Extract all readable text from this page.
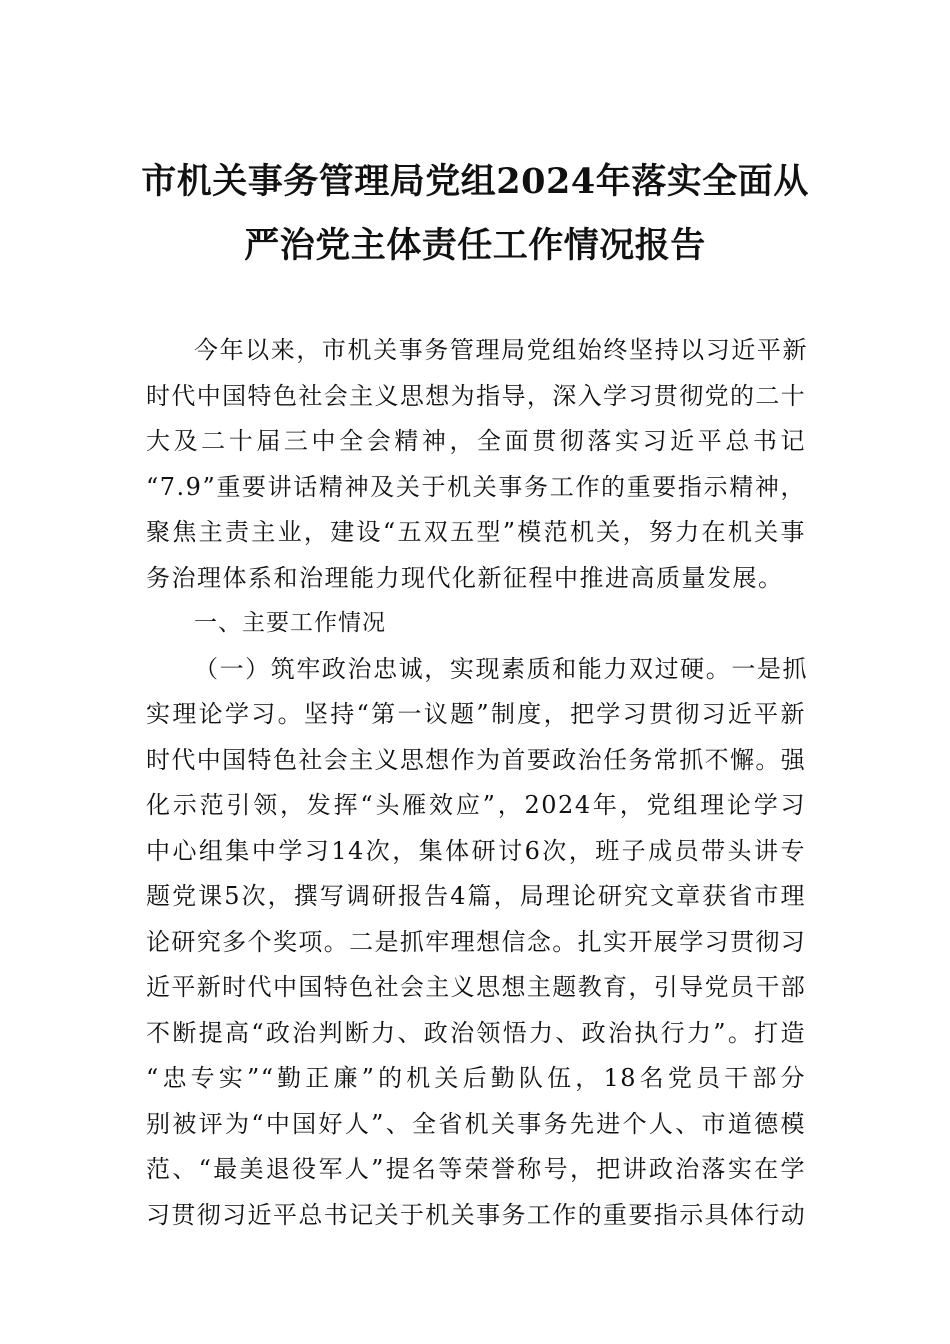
市机关事务管理局党组2024年落实全面从
严治党主体责任工作情况报告
今年以来，市机关事务管理局党组始终坚持以习近平新
时代中国特色社会主义思想为指导，深入学习贯彻党的二十
大及二十届三中全会精神，全面贯彻落实习近平总书记
“7.9”重要讲话精神及关于机关事务工作的重要指示精神，
聚焦主责主业，建设“五双五型”模范机关，努力在机关事
务治理体系和治理能力现代化新征程中推进高质量发展。
一、主要工作情况
（一）筑牢政治忠诚，实现素质和能力双过硬。一是抓
实理论学习。坚持“第一议题”制度，把学习贯彻习近平新
时代中国特色社会主义思想作为首要政治任务常抓不懈。强
化示范引领，发挥“头雁效应”，2024年，党组理论学习
中心组集中学习14次，集体研讨6次，班子成员带头讲专
题党课5次，撰写调研报告4篇，局理论研究文章获省市理
论研究多个奖项。二是抓牢理想信念。扎实开展学习贯彻习
近平新时代中国特色社会主义思想主题教育，引导党员干部
不断提高“政治判断力、政治领悟力、政治执行力”。打造
“忠专实”“勤正廉”的机关后勤队伍，18名党员干部分
别被评为“中国好人”、全省机关事务先进个人、市道德模
范、“最美退役军人”提名等荣誉称号，把讲政治落实在学
习贯彻习近平总书记关于机关事务工作的重要指示具体行动
